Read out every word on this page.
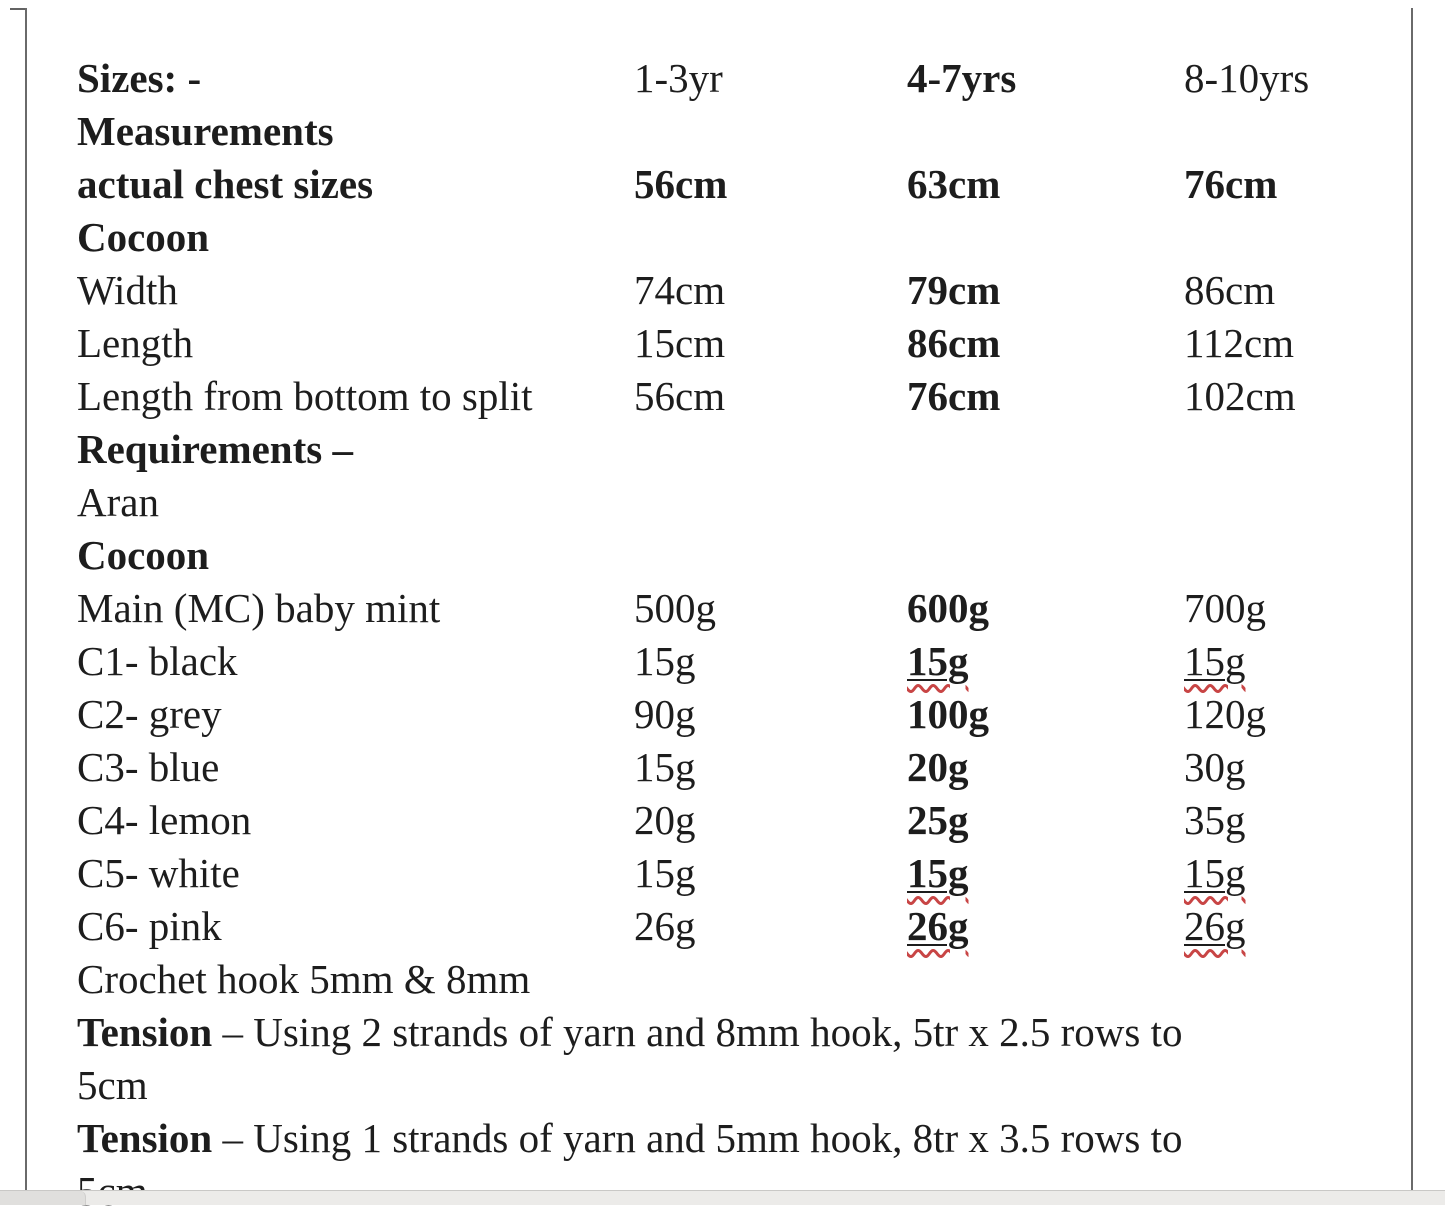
Sizes: -	1-3yr	4-7yrs	8-10yrs
Measurements
actual chest sizes	56cm	63cm	76cm
Cocoon
Width	74cm	79cm	86cm
Length	15cm	86cm	112cm
Length from bottom to split	56cm	76cm	102cm
Requirements –
Aran
Cocoon
Main (MC) baby mint	500g	600g	700g
C1- black	15g	15g	15g
C2- grey	90g	100g	120g
C3- blue	15g	20g	30g
C4- lemon	20g	25g	35g
C5- white	15g	15g	15g
C6- pink	26g	26g	26g
Crochet hook 5mm & 8mm
Tension – Using 2 strands of yarn and 8mm hook, 5tr x 2.5 rows to
5cm
Tension – Using 1 strands of yarn and 5mm hook, 8tr x 3.5 rows to
